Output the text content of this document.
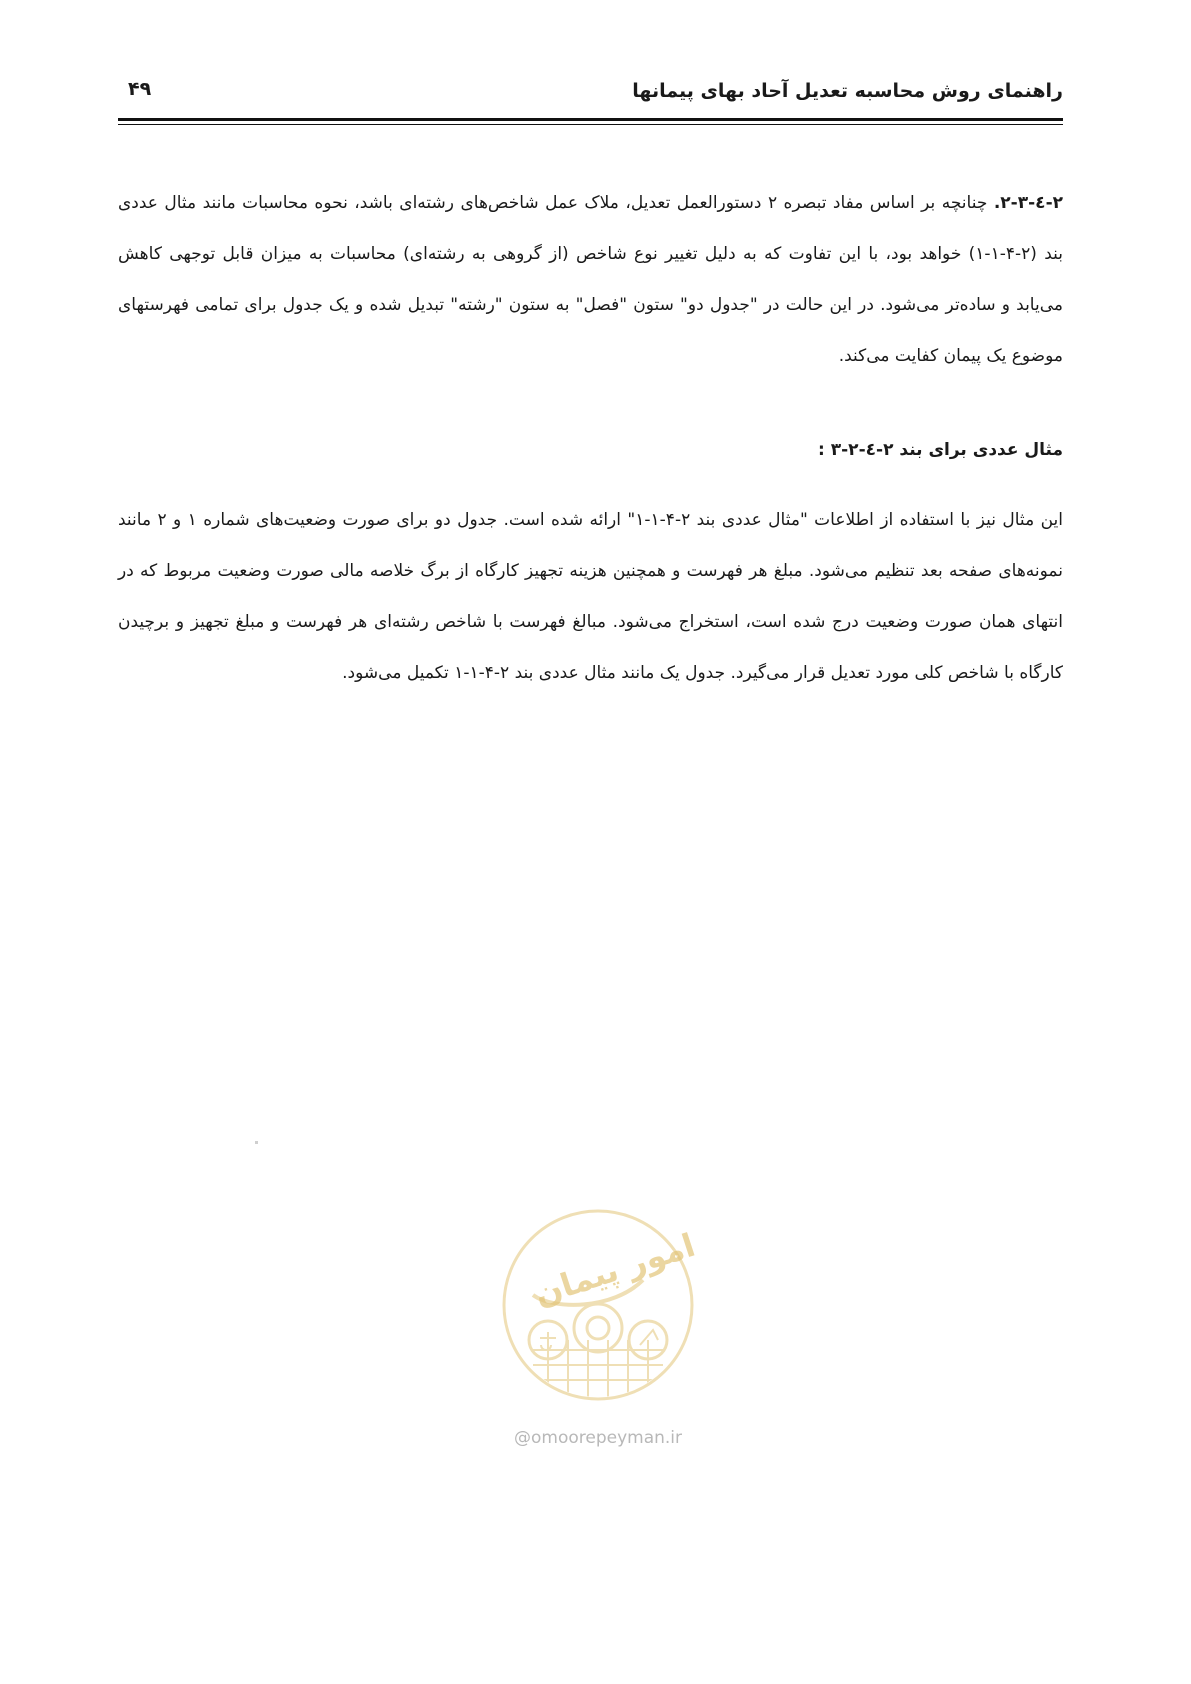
راهنمای روش محاسبه تعدیل آحاد بهای پیمانها
۴۹

۲-٤-۲-۳. چنانچه بر اساس مفاد تبصره ۲ دستورالعمل تعدیل، ملاک عمل شاخص‌های رشته‌ای باشد، نحوه محاسبات مانند مثال عددی بند (۲-۴-۱-۱) خواهد بود، با این تفاوت که به دلیل تغییر نوع شاخص (از گروهی به رشته‌ای) محاسبات به میزان قابل توجهی کاهش می‌یابد و ساده‌تر می‌شود. در این حالت در "جدول دو" ستون "فصل" به ستون "رشته" تبدیل شده و یک جدول برای تمامی فهرستهای موضوع یک پیمان کفایت می‌کند.

مثال عددی برای بند ۲-٤-۲-۳ :

این مثال نیز با استفاده از اطلاعات "مثال عددی بند ۲-۴-۱-۱" ارائه شده است. جدول دو برای صورت وضعیت‌های شماره ۱ و ۲ مانند نمونه‌های صفحه بعد تنظیم می‌شود. مبلغ هر فهرست و همچنین هزینه تجهیز کارگاه از برگ خلاصه مالی صورت وضعیت مربوط که در انتهای همان صورت وضعیت درج شده است، استخراج می‌شود. مبالغ فهرست با شاخص رشته‌ای هر فهرست و مبلغ تجهیز و برچیدن کارگاه با شاخص کلی مورد تعدیل قرار می‌گیرد. جدول یک مانند مثال عددی بند ۲-۴-۱-۱ تکمیل می‌شود.

امور پیمان
@omoorepeyman.ir
